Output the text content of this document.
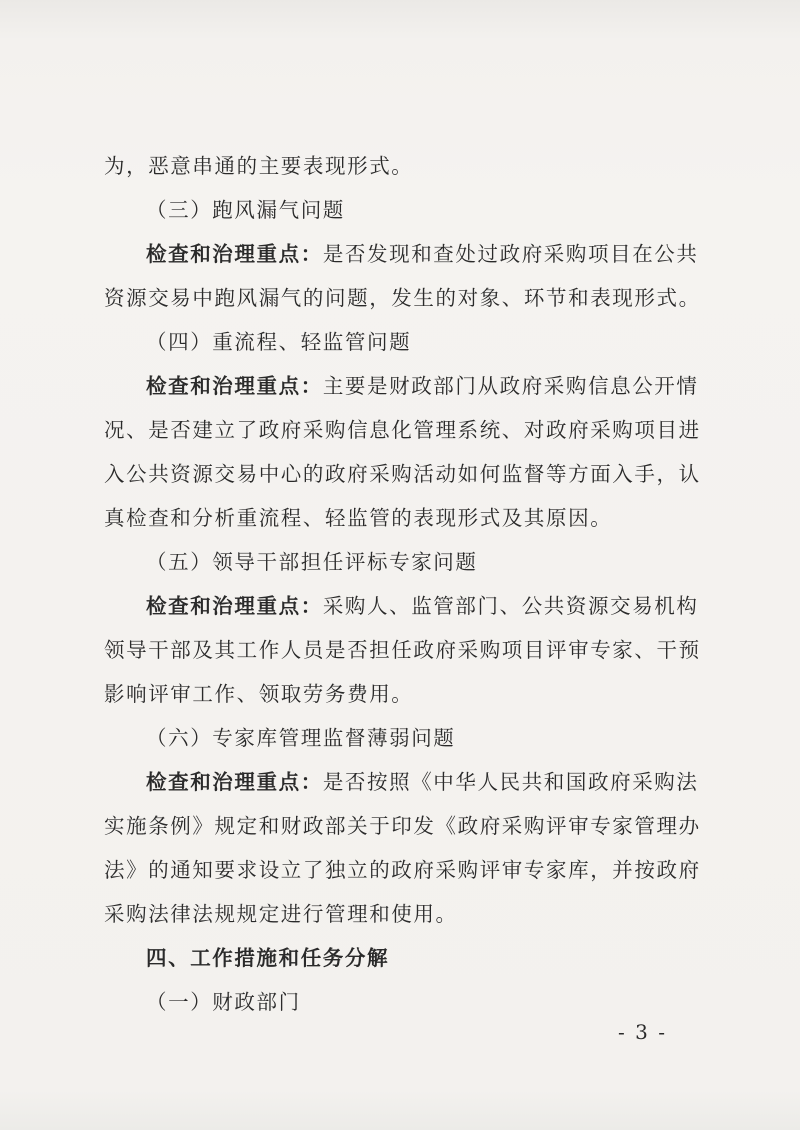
为，恶意串通的主要表现形式。
（三）跑风漏气问题
检查和治理重点：是否发现和查处过政府采购项目在公共
资源交易中跑风漏气的问题，发生的对象、环节和表现形式。
（四）重流程、轻监管问题
检查和治理重点：主要是财政部门从政府采购信息公开情
况、是否建立了政府采购信息化管理系统、对政府采购项目进
入公共资源交易中心的政府采购活动如何监督等方面入手，认
真检查和分析重流程、轻监管的表现形式及其原因。
（五）领导干部担任评标专家问题
检查和治理重点：采购人、监管部门、公共资源交易机构
领导干部及其工作人员是否担任政府采购项目评审专家、干预
影响评审工作、领取劳务费用。
（六）专家库管理监督薄弱问题
检查和治理重点：是否按照《中华人民共和国政府采购法
实施条例》规定和财政部关于印发《政府采购评审专家管理办
法》的通知要求设立了独立的政府采购评审专家库，并按政府
采购法律法规规定进行管理和使用。
四、工作措施和任务分解
（一）财政部门
- 3 -
